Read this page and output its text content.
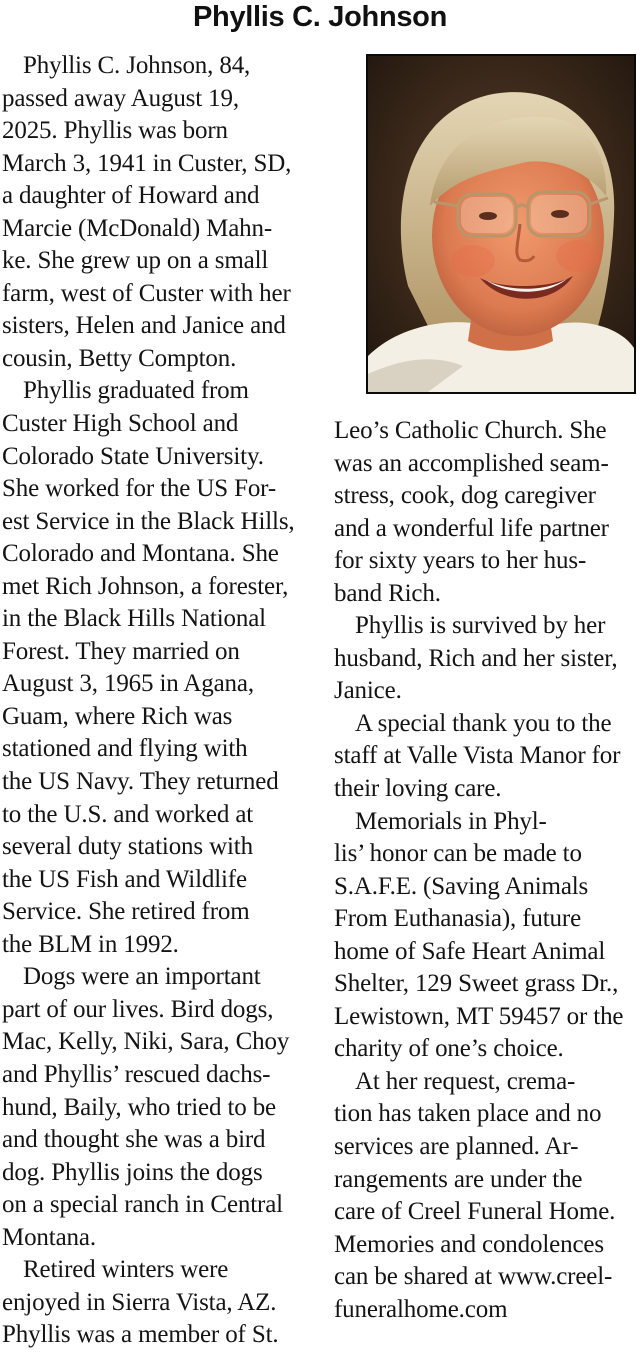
Phyllis C. Johnson
Phyllis C. Johnson, 84,
passed away August 19,
2025. Phyllis was born
March 3, 1941 in Custer, SD,
a daughter of Howard and
Marcie (McDonald) Mahn-
ke. She grew up on a small
farm, west of Custer with her
sisters, Helen and Janice and
cousin, Betty Compton.
Phyllis graduated from
Custer High School and
Colorado State University.
She worked for the US For-
est Service in the Black Hills,
Colorado and Montana. She
met Rich Johnson, a forester,
in the Black Hills National
Forest. They married on
August 3, 1965 in Agana,
Guam, where Rich was
stationed and flying with
the US Navy. They returned
to the U.S. and worked at
several duty stations with
the US Fish and Wildlife
Service. She retired from
the BLM in 1992.
Dogs were an important
part of our lives. Bird dogs,
Mac, Kelly, Niki, Sara, Choy
and Phyllis’ rescued dachs-
hund, Baily, who tried to be
and thought she was a bird
dog. Phyllis joins the dogs
on a special ranch in Central
Montana.
Retired winters were
enjoyed in Sierra Vista, AZ.
Phyllis was a member of St.
Leo’s Catholic Church. She
was an accomplished seam-
stress, cook, dog caregiver
and a wonderful life partner
for sixty years to her hus-
band Rich.
Phyllis is survived by her
husband, Rich and her sister,
Janice.
A special thank you to the
staff at Valle Vista Manor for
their loving care.
Memorials in Phyl-
lis’ honor can be made to
S.A.F.E. (Saving Animals
From Euthanasia), future
home of Safe Heart Animal
Shelter, 129 Sweet grass Dr.,
Lewistown, MT 59457 or the
charity of one’s choice.
At her request, crema-
tion has taken place and no
services are planned. Ar-
rangements are under the
care of Creel Funeral Home.
Memories and condolences
can be shared at www.creel-
funeralhome.com
